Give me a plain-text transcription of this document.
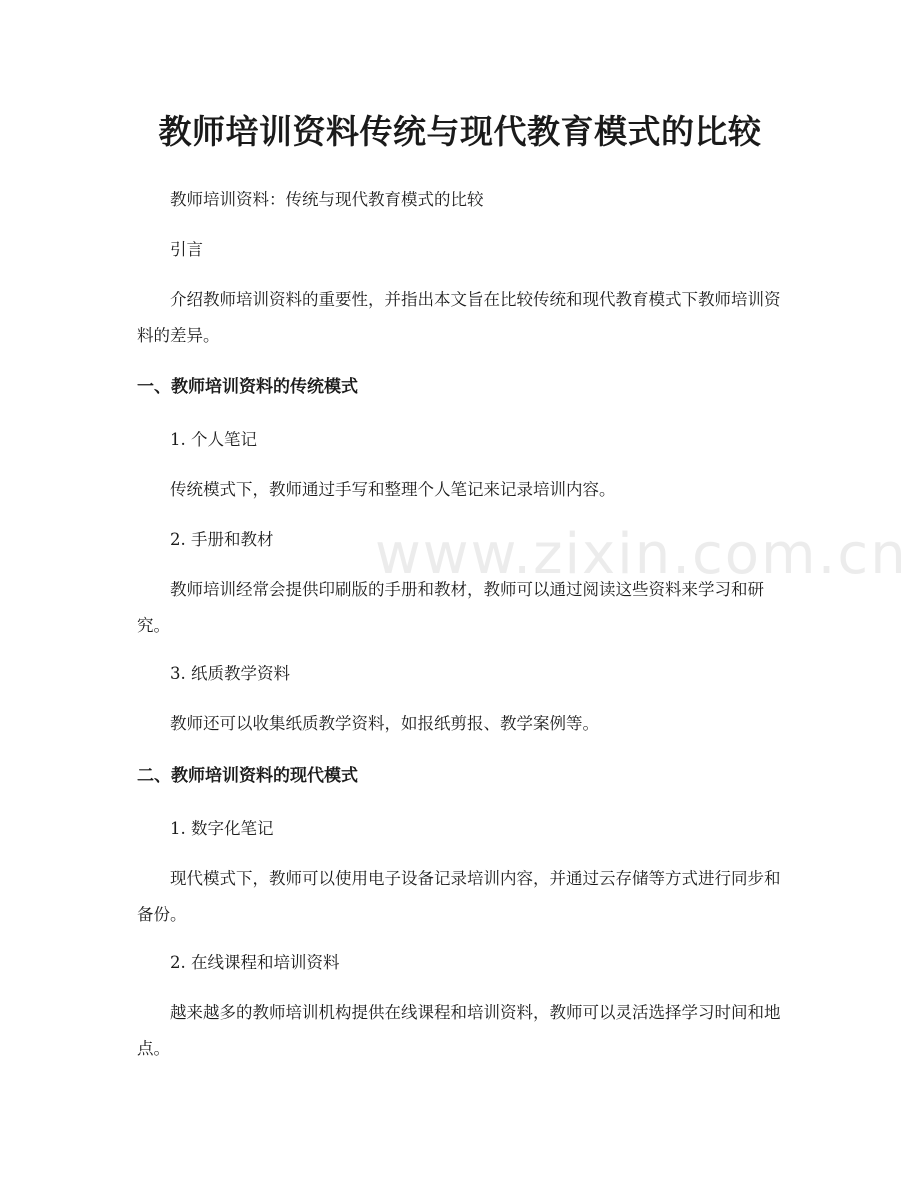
www.zixin.com.cn
教师培训资料传统与现代教育模式的比较

教师培训资料：传统与现代教育模式的比较

引言

介绍教师培训资料的重要性，并指出本文旨在比较传统和现代教育模式下教师培训资料的差异。

一、教师培训资料的传统模式

1. 个人笔记

传统模式下，教师通过手写和整理个人笔记来记录培训内容。

2. 手册和教材

教师培训经常会提供印刷版的手册和教材，教师可以通过阅读这些资料来学习和研究。

3. 纸质教学资料

教师还可以收集纸质教学资料，如报纸剪报、教学案例等。

二、教师培训资料的现代模式

1. 数字化笔记

现代模式下，教师可以使用电子设备记录培训内容，并通过云存储等方式进行同步和备份。

2. 在线课程和培训资料

越来越多的教师培训机构提供在线课程和培训资料，教师可以灵活选择学习时间和地点。
